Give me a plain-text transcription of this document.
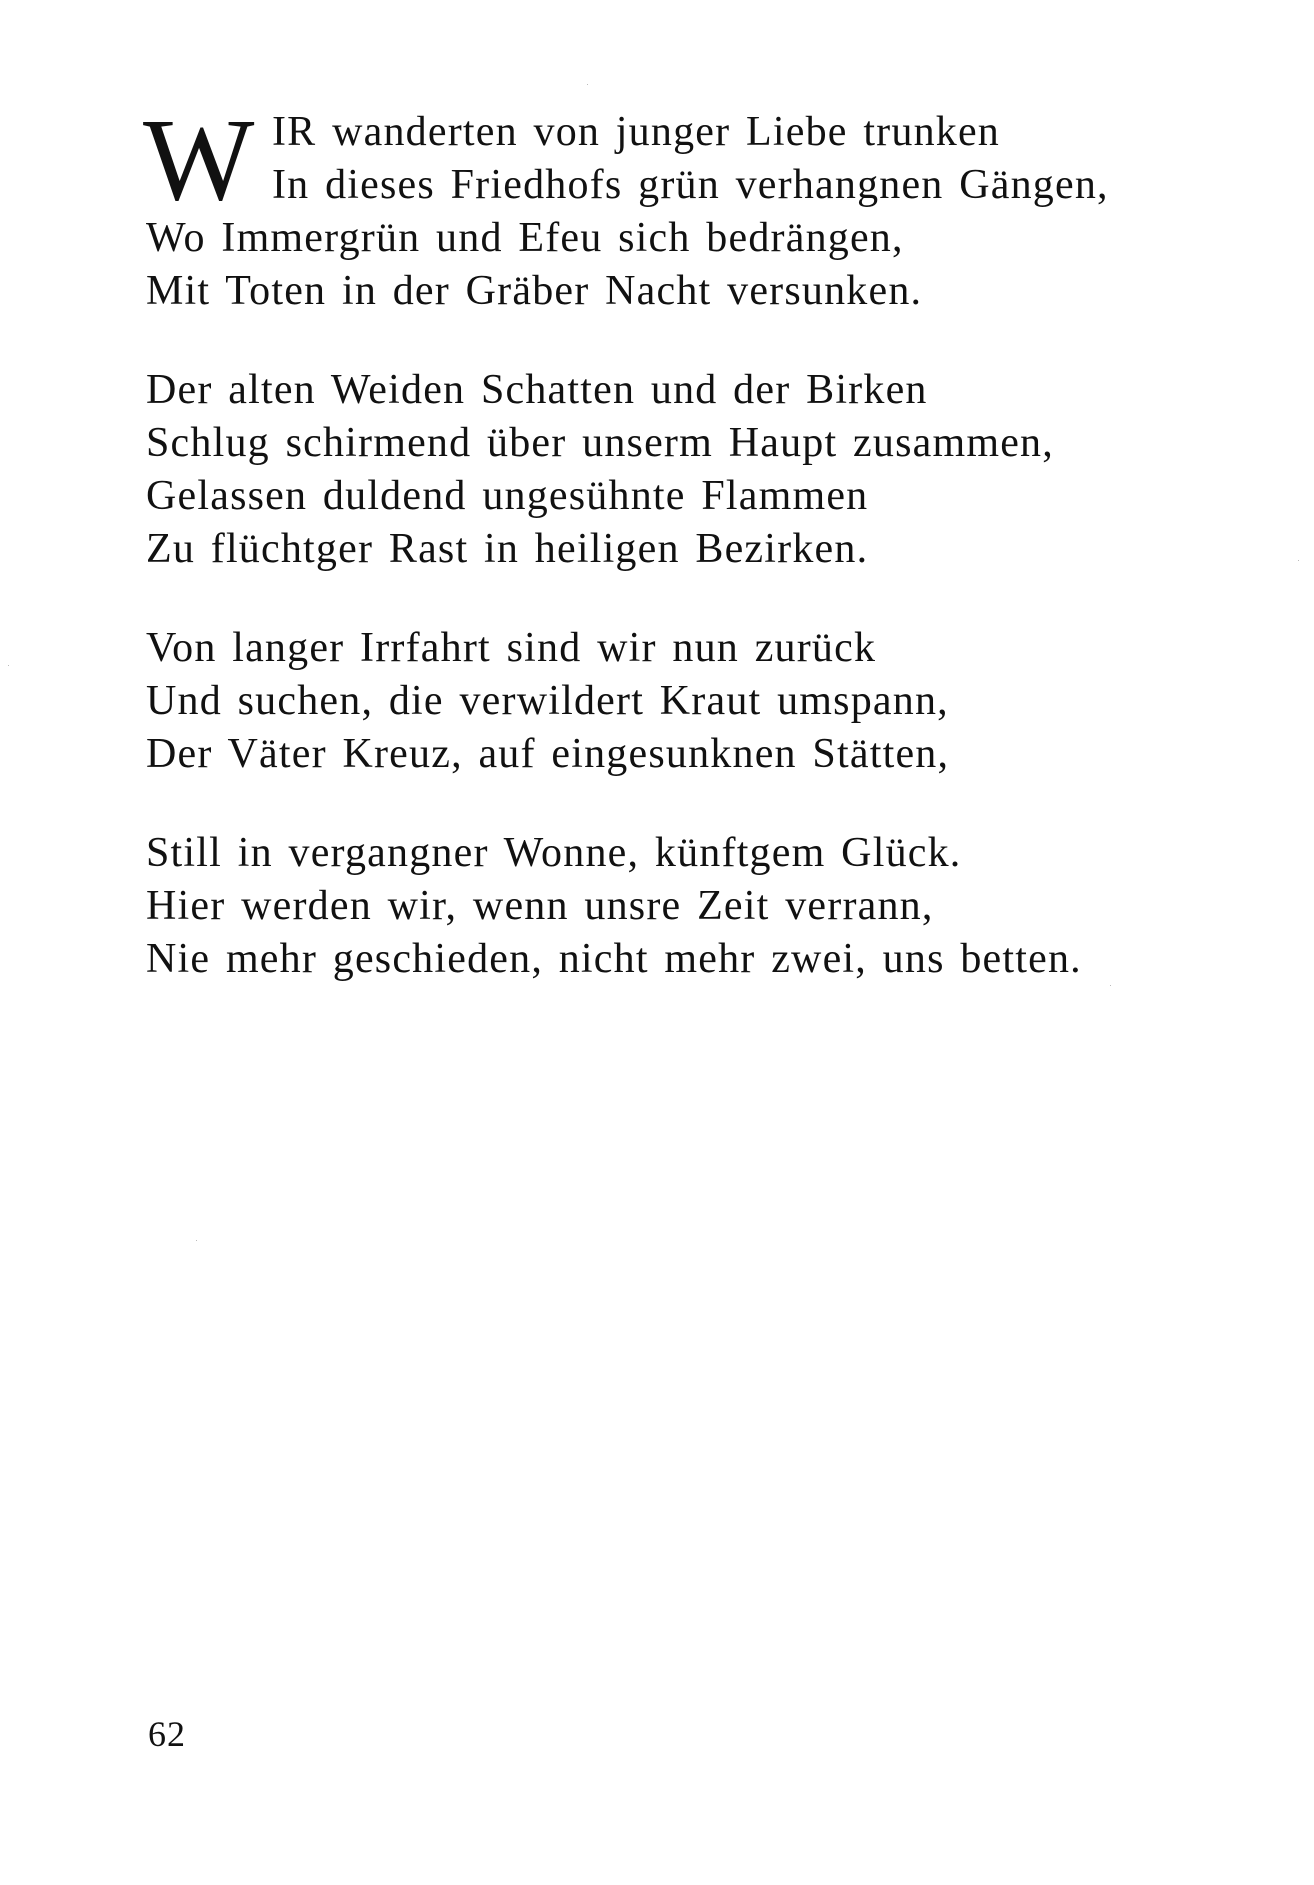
W IR wanderten von junger Liebe trunken
In dieses Friedhofs grün verhangnen Gängen,
Wo Immergrün und Efeu sich bedrängen,
Mit Toten in der Gräber Nacht versunken.
Der alten Weiden Schatten und der Birken
Schlug schirmend über unserm Haupt zusammen,
Gelassen duldend ungesühnte Flammen
Zu flüchtger Rast in heiligen Bezirken.
Von langer Irrfahrt sind wir nun zurück
Und suchen, die verwildert Kraut umspann,
Der Väter Kreuz, auf eingesunknen Stätten,
Still in vergangner Wonne, künftgem Glück.
Hier werden wir, wenn unsre Zeit verrann,
Nie mehr geschieden, nicht mehr zwei, uns betten.
62
